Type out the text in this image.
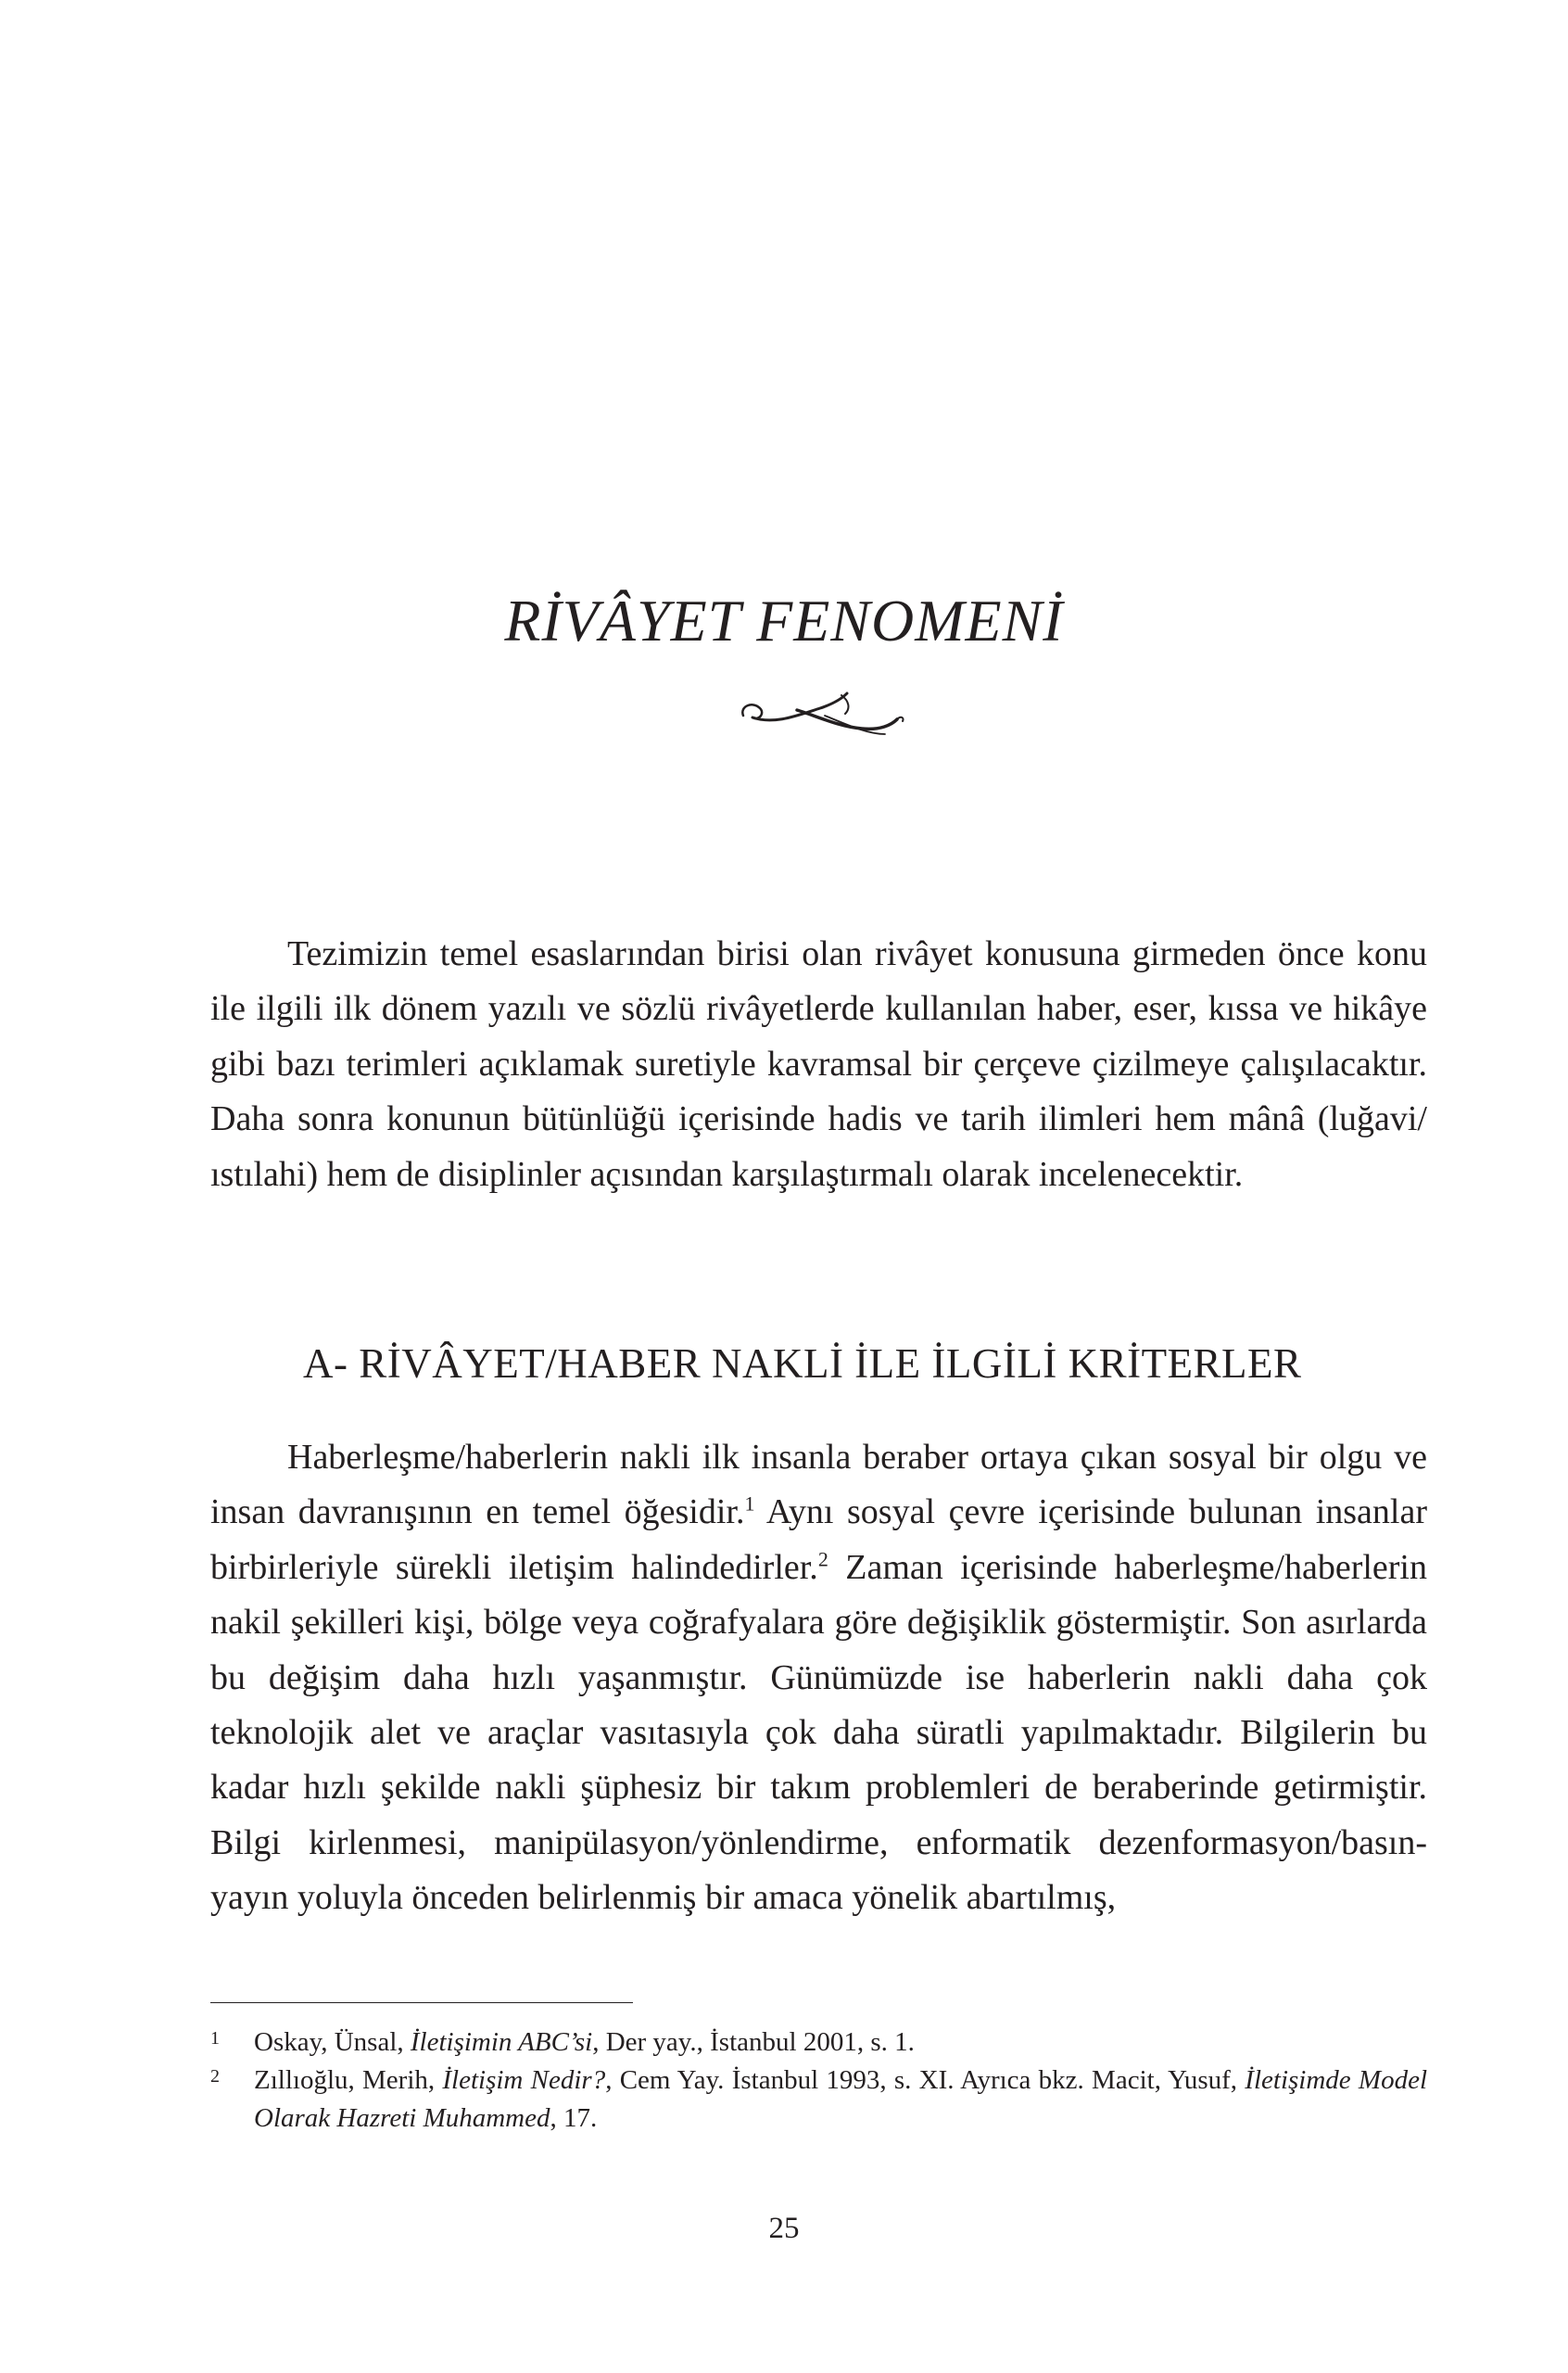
RİVÂYET FENOMENİ

Tezimizin temel esaslarından birisi olan rivâyet konusuna girmeden önce konu ile ilgili ilk dönem yazılı ve sözlü rivâyetlerde kullanılan haber, eser, kıssa ve hikâye gibi bazı terimleri açıklamak suretiyle kavramsal bir çerçeve çizilmeye çalışılacaktır. Daha sonra konunun bütünlüğü içerisinde hadis ve tarih ilimleri hem mânâ (luğavi/ıstılahi) hem de disiplinler açısından karşılaştırmalı olarak incelenecektir.

A- RİVÂYET/HABER NAKLİ İLE İLGİLİ KRİTERLER

Haberleşme/haberlerin nakli ilk insanla beraber ortaya çıkan sosyal bir olgu ve insan davranışının en temel öğesidir.$^1$ Aynı sosyal çevre içerisinde bulunan insanlar birbirleriyle sürekli iletişim halindedirler.$^2$ Zaman içerisinde haberleşme/haberlerin nakil şekilleri kişi, bölge veya coğrafyalara göre değişiklik göstermiştir. Son asırlarda bu değişim daha hızlı yaşanmıştır. Günümüzde ise haberlerin nakli daha çok teknolojik alet ve araçlar vasıtasıyla çok daha süratli yapılmaktadır. Bilgilerin bu kadar hızlı şekilde nakli şüphesiz bir takım problemleri de beraberinde getirmiştir. Bilgi kirlenmesi, manipülasyon/yönlendirme, enformatik dezenformasyon/basın-yayın yoluyla önceden belirlenmiş bir amaca yönelik abartılmış,

1 Oskay, Ünsal, İletişimin ABC’si, Der yay., İstanbul 2001, s. 1.
2 Zıllıoğlu, Merih, İletişim Nedir?, Cem Yay. İstanbul 1993, s. XI. Ayrıca bkz. Macit, Yusuf, İletişimde Model Olarak Hazreti Muhammed, 17.
25
